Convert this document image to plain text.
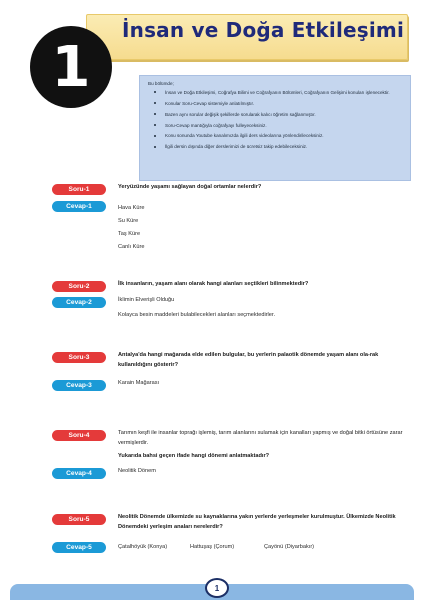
İnsan ve Doğa Etkileşimi
1	Bu bölümde;
İnsan ve Doğa Etkileşimi, Coğrafya Bilimi ve Coğrafyanın Bölümleri, Coğrafyanın Gelişimi konuları işlenecektir.
Konular Soru-Cevap sistemiyle anlatılmıştır.
Bazen aynı sorular değişik şekillerde sorularak kalıcı öğretim sağlanmıştır.
Soru-Cevap mantığıyla coğrafyayı fulleyeceksiniz.
Konu sonunda Youtube kanalımızda ilgili ders videolarına yönlendirileceksiniz.
İlgili dersin dışında diğer derslerimizi de ücretsiz takip edebileceksiniz.
Soru-1	Yeryüzünde yaşamı sağlayan doğal ortamlar nelerdir?
Cevap-1	Hava Küre
Su Küre
Taş Küre
Canlı Küre
Soru-2	İlk insanların, yaşam alanı olarak hangi alanları seçtikleri bilinmektedir?
Cevap-2	İklimin Elverişli Olduğu
Kolayca besin maddeleri bulabilecekleri alanları seçmektedirler.
Soru-3	Antalya'da hangi mağarada elde edilen bulgular, bu yerlerin palaotik dönemde yaşam alanı ola-rak kullanıldığını gösterir?
Cevap-3	Karain Mağarası
Soru-4	Tarımın keşfi ile insanlar toprağı işlemiş, tarım alanlarını sulamak için kanalları yapmış ve doğal bitki örtüsüne zarar vermişlerdir.
Yukarıda bahsi geçen ifade hangi dönemi anlatmaktadır?
Cevap-4	Neolitik Dönem
Soru-5	Neolitik Dönemde ülkemizde su kaynaklarına yakın yerlerde yerleşmeler kurulmuştur. Ülkemizde Neolitik Dönemdeki yerleşim anaları nerelerdir?
Cevap-5	Çatalhöyük (Konya)	Hattuşaş (Çorum)	Çayönü (Diyarbakır)
1
